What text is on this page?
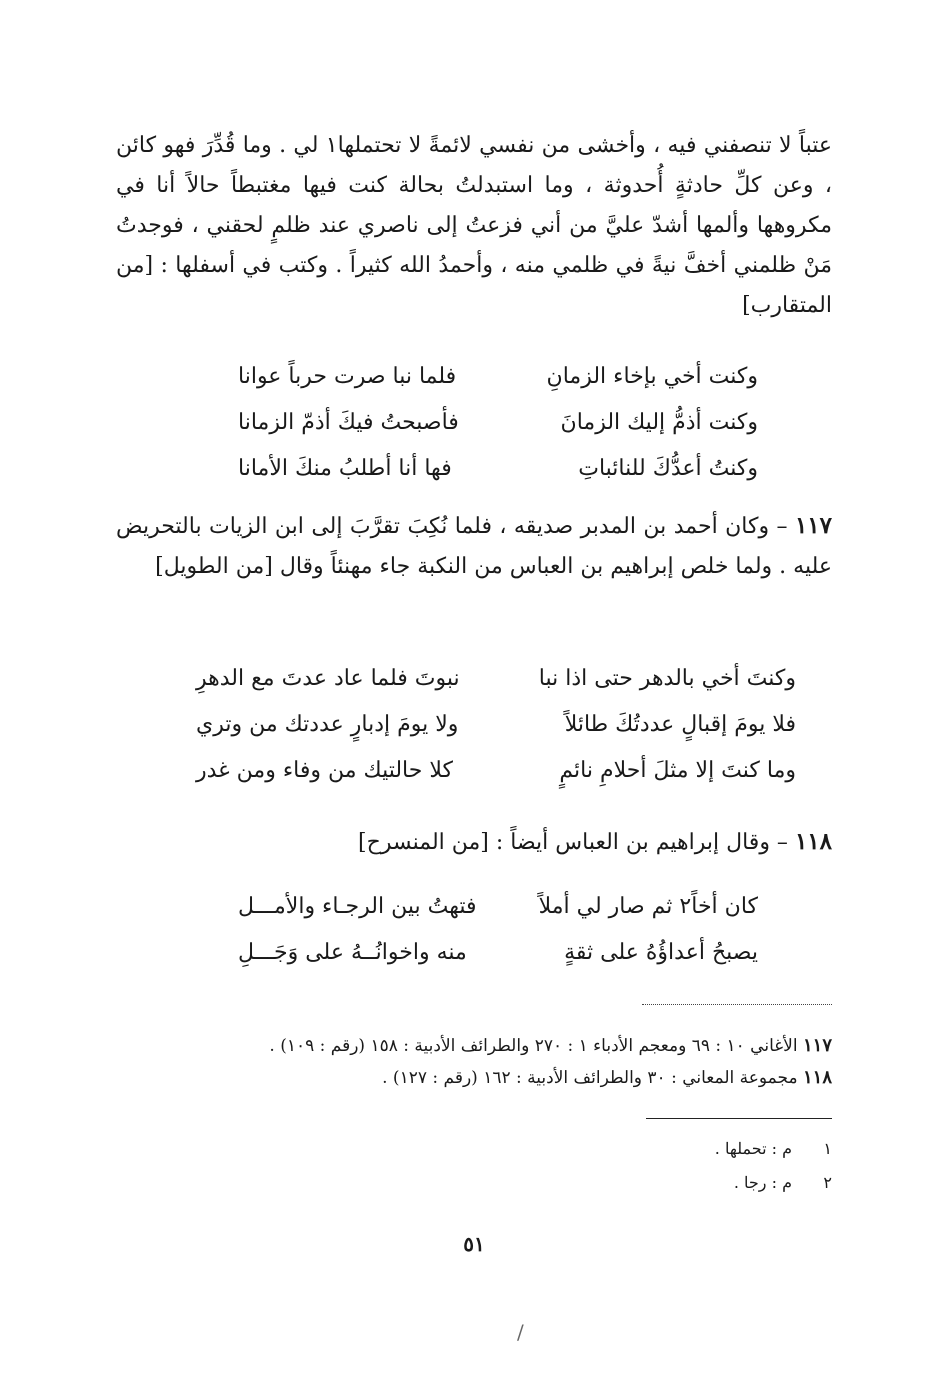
عتباً لا تنصفني فيه ، وأخشى من نفسي لائمةً لا تحتملها١ لي . وما قُدِّرَ فهو كائن ، وعن كلِّ حادثةٍ أُحدوثة ، وما استبدلتُ بحالة كنت فيها مغتبطاً حالاً أنا في مكروهها وألمها أشدّ عليَّ من أني فزعتُ إلى ناصري عند ظلمٍ لحقني ، فوجدتُ مَنْ ظلمني أخفَّ نيةً في ظلمي منه ، وأحمدُ الله كثيراً . وكتب في أسفلها : [من المتقارب]

وكنت أخي بإخاء الزمانِ
فلما نبا صرت حرباً عوانا
وكنت أذمُّ إليك الزمانَ
فأصبحتُ فيكَ أذمّ الزمانا
وكنتُ أعدُّكَ للنائباتِ
فها أنا أطلبُ منكَ الأمانا

١١٧ – وكان أحمد بن المدبر صديقه ، فلما نُكِبَ تقرَّبَ إلى ابن الزيات بالتحريض عليه . ولما خلص إبراهيم بن العباس من النكبة جاء مهنئاً وقال [من الطويل]

وكنتَ أخي بالدهر حتى اذا نبا
نبوتَ فلما عاد عدتَ مع الدهرِ
فلا يومَ إقبالٍ عددتُكَ طائلاً
ولا يومَ إدبارٍ عددتك من وتري
وما كنتَ إلا مثلَ أحلامِ نائمٍ
كلا حالتيك من وفاء ومن غدر

١١٨ – وقال إبراهيم بن العباس أيضاً : [من المنسرح]

كان أخاً٢ ثم صار لي أملاً
فتهتُ بين الرجـاء والأمـــل
يصبحُ أعداؤُهُ على ثقةٍ
منه واخوانُــهُ على وَجَـــلِ
١١٧ الأغاني ١٠ : ٦٩ ومعجم الأدباء ١ : ٢٧٠ والطرائف الأدبية : ١٥٨ (رقم : ١٠٩) .
١١٨ مجموعة المعاني : ٣٠ والطرائف الأدبية : ١٦٢ (رقم : ١٢٧) .
١م : تحملها .
٢م : رجا .
٥١
/
